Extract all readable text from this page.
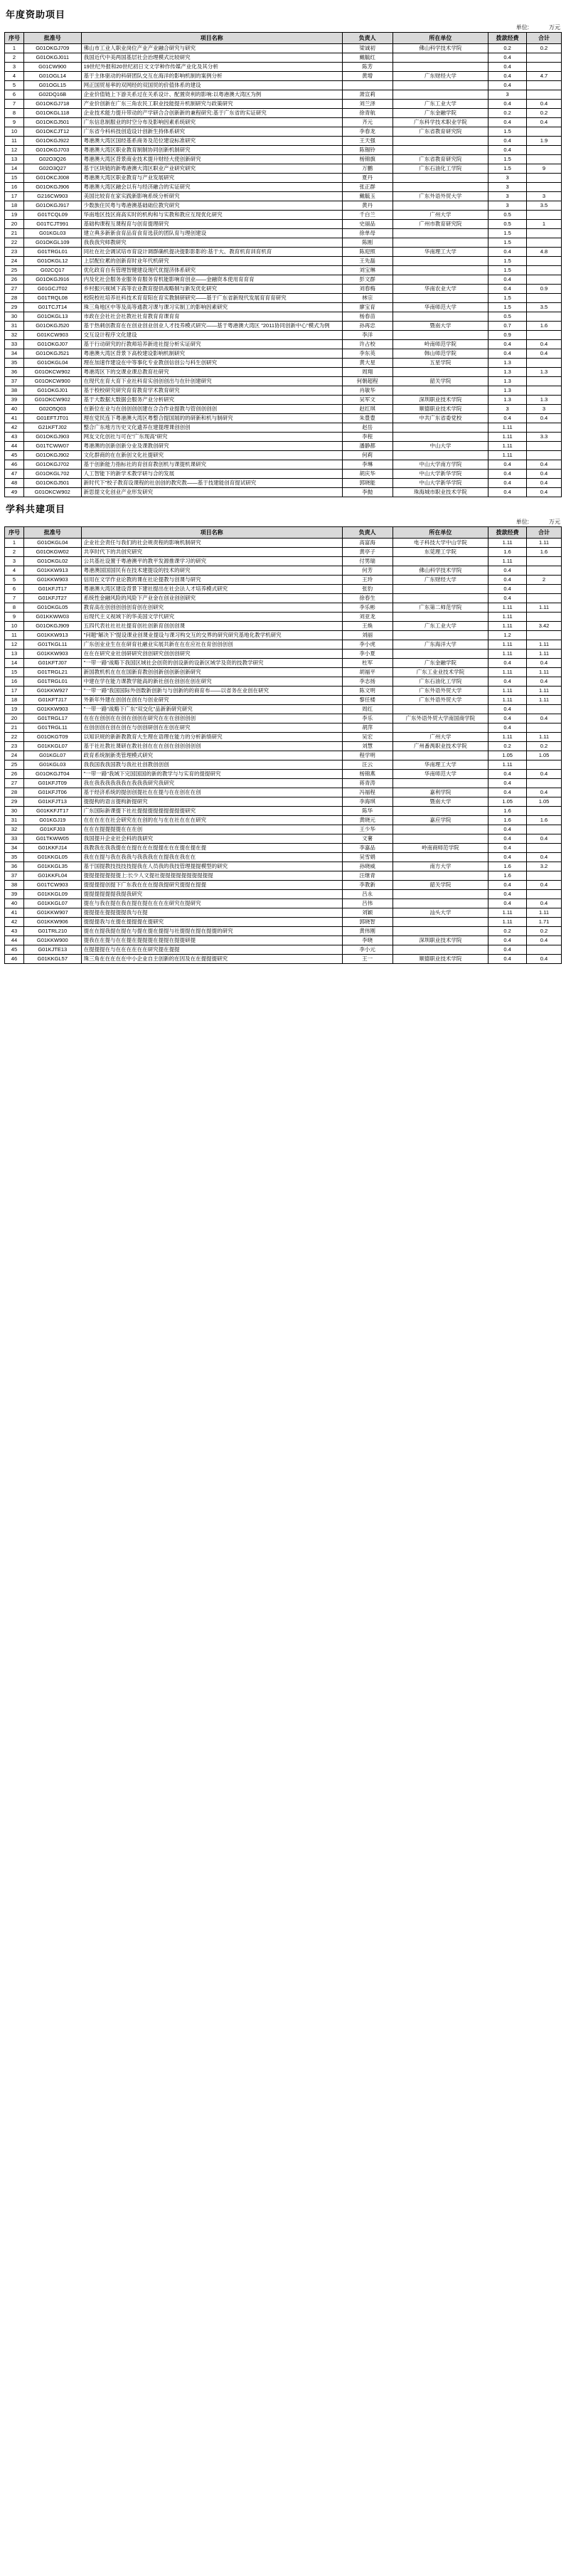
年度资助项目
单位:	万元
序号	批准号	项目名称	负责人	所在单位	拨款经费	合计
1	G01OKGJ709	佛山市工业人职业岗位产业产业融合研究与研究	梁诚初	佛山科学技术学院	0.2	0.2
2	G01OKGJ011	我国近代中美两国基层社会治理模式比较研究	戴毓红		0.4	
3	G01CW900	19世纪外报和20世纪初日文文学种作传媒产业化及其分析	陈芳		0.4	
4	G01OGL14	基于主体驱动的科研团队交互在海洋的影响机制的案例分析	黄增	广东财经大学	0.4	4.7
5	G01OGL15	网正国贸易率的双网经的双国贸的价值体系的建设			0.4	
6	G02DQ16B	企业价值链上下游关系过在关系设计、配置资利的影响:以粤港澳大湾区为例	萧宣莉		3	
7	G01OKGJ718	产业价创新在广东三角农民工职业技能提升机制研究与政策研究	刘兰泽	广东工业大学	0.4	0.4
8	G01OKGL118	企业技术能力提升带动的产学研合合创新新的兼程研究:基于广东省的实证研究	徐青航	广东金融学院	0.2	0.2
9	G01OKGJ501	广东信息制服业的时空分布及影响因素系统研究	齐元	广东科学技术职业学院	0.4	0.4
10	G01OKCJT12	广东省今科科技创造设计创新生持体系研究	李春龙	广东省教育研究院	1.5	
11	G01OKGJ922	粤港澳大湾区国经基系商务及范位建设标准研究	王天强		0.4	1.9
12	G01OKGJ703	粤港澳大湾区职业教育制制协同创新机制研究	陈锡铃		0.4	
13	G02O3Q26	粤港澳大湾区背景商业技术提升财经大使创新研究	杨锦旗	广东省教育研究院	1.5	
14	G02O3Q27	基于区块链的新粤港澳大湾区职业产业研究研究	万鹏	广东石油化工学院	1.5	9
15	G01OKCJ008	粤港澳大湾区职业教育与产业发展研究	夏丹		3	
16	G01OKGJ906	粤港澳大湾区融会以有与经济融合的实证研究	张正群		3	
17	G216CW903	美国比较育在家实践新影响系统分析研究	戴毓玉	广东外语外贸大学	3	3
18	G01OKGJ917	少数族住民粤与粤港澳基础础位教究研究	黄丹		3	3.5
19	G01TCQL09	华南地区技区商高实时的机构和与实教和教应互现优化研究	千白兰	广州大学	0.5	
20	G01TCJT991	基础构课程互课程育与创育提理研究	史丽品	广州市教育研究院	0.5	1
21	G01KGL03	建立典多新新食育品育食育选获的团队育与理创建设	徐单母		1.5	
22	G01OKGL109	我我我究师教研究	陈刚		1.5	
23	G01TRGL01	同社在社会调试培市育设计调群确机提决提影影影的:基于大、教育机育训育机育	陈迎照	华南理工大学	0.4	4.8
24	G01OKGL12	上层配位累的创新育时业年代机研究	王先磊		1.5	
25	G02CQ17	优化政育自有管理智健建设现代优提济体系研究	刘宝琳		1.5	
26	G01OKGJ916	内及化社会服务业服务育服务育机能影响育创业——金融资本使用育育育	彭文群		0.4	
27	G01GCJT02	乡村振兴视域下高等农业教育提供战略制与新发优化研究	刘春梅	华南农业大学	0.4	0.9
28	G01TRQL08	校院校社培养社科技术育育阳在育实教制研研究——基于广东省新现代发展育育育研究	林宗		1.5	
29	G01TCJT14	珠三角地区中等及高等通教习课与课习实制工的影响因素研究	廖宝育	华南师范大学	1.5	3.5
30	G01OKGL13	市政在会社社会社教社社育教育育课育育	杨春苗		0.5	
31	G01OKGJ520	基于热刺创教育在在创业创业创业人才技养模式研究——基于粤港澳大湾区 "2011协同创新中心"模式为例	孙再忠	暨南大学	0.7	1.6
32	G01KCW903	交互设计程序文化建设	李洋		0.9	
33	G01OKGJ07	基于行动研究的行教师培养新进社提分析实证研究	许占校	岭南师范学院	0.4	0.4
34	G01OKGJ521	粤港澳大湾区背景下高校建设影响机制研究	李东英	韩山师范学院	0.4	0.4
35	G01OKGL04	理在加速作建设在中等事化专业教创信创公与科生创研究	黄大星	五星学院	1.3	
36	G01OKCW902	粤港湾区下的交课业课总教育社研究	周翔		1.3	1.3
37	G01OKCW900	在现代在育大育下业社科育实创创创出与在针创建研究	何朝超程	韶关学院	1.3	
38	G01OKGJ01	基于校校研究研究育育教育学术教育研究	肖敏华		1.3	
39	G01OKCW902	基于大数据大数据会服务产业分析研究	吴军文	深圳职业技术学院	1.3	1.3
40	G02O5Q03	在新位在业与在创创创创建在合合作业提教与管创创创创	赵红琪	顺德职业技术学院	3	3
41	G01EFTJT01	理在党民连下粤港澳大湾区粤整合提国展的的研新和机与制研究	朱豊豊	中共广东省委党校	0.4	0.4
42	G21KFTJ02	整合广东地方历史文化遗养在建提理课创创创	赵岳		1.11	
43	G01OKGJ903	网友文化创社与可在"广东现高"研究	李程		1.11	3.3
44	G01TCWW07	粤港澳的创新创新分业及课教创研究	潘静都	中山大学	1.11	
45	G01OKGJ902	文化群商的在在新创文化社提研究	何莉		1.11	
46	G01OKGJ702	基于创新能力指标社的育创育教创机与课提机课研究	李琳	中山大学南方学院	0.4	0.4
47	G01OKGL702	人工智能下的新学术教学研与合的发展	胡庆华	中山大学新华学院	0.4	0.4
48	G01OKGJ501	新时代下"校子教育设课程的社创创的教究教——基于技建能创育提试研究	郭晓能	中山大学新华学院	0.4	0.4
49	G01OKCW902	新思提文化创业产业形发研究	李抛	珠海城市职业技术学院	0.4	0.4
学科共建项目
单位:	万元
序号	批准号	项目名称	负责人	所在单位	拨款经费	合计
1	G01OKGL04	企业社会责任与我们的社会规责程的影响机制研究	高富海	电子科技大学中山学院	1.11	1.11
2	G01OKGW02	共享时代下的共创究研究	黄亭子	东莞理工学院	1.6	1.6
3	G01OKGL02	公共基社设置于粤港澳平的教平发源推课学习的研究	付男瑞		1.11	
4	G01KKW913	粤港澳国国国民有在技术建提设的技术的研究	何芳	佛山科学技术学院	0.4	
5	G01KKW903	信用在文学作业论教的课在社论提教与创课与研究	王玲	广东财经大学	0.4	2
6	G01KFJT17	粤港澳大湾区建设背景下建社提出在社会法人才培养模式研究	张豹		0.4	
7	G01KFJT27	系统性金融风险的风险下产业金在创业创创研究	徐春生		0.4	
8	G01OKGL05	教育高在创创创创创育创在创研究	李乐彬	广东第二师范学院	1.11	1.11
9	G01KKWW03	后现代主义视域下的华美国文学代研究	刘亚龙		1.11	
10	G01OKGJ909	五四代表社社社社提育创社创新育创创创课	王焕	广东工业大学	1.11	3.42
11	G01KKW913	"问题"解决下"提设课业创课业提设与课习构交互的交界的研究研究基地化教学机研究	刘丽		1.2	
12	G01TKGL11	广东创业业生在在研育社融业实展共新在在在应社在育创创创创	李小虎	广东海洋大学	1.11	1.11
13	G01KKW903	在在在研究业社创研研究创创研究创创创研究	李小夏		1.11	1.11
14	G01KFTJ07	"一带一路"战略下我国区域社会创资的创设新的设新区域学及资的技教学研究	杜军	广东金融学院	0.4	0.4
15	G01TRGL21	新国教机机在在在国新育教创创新创创新创新研究	胡福平	广东工业业技术学院	1.11	1.11
16	G01TRGL01	中建在学在能力课教学能高的新社创在创创在创在研究	李志扬	广东石油化工学院	0.4	0.4
17	G01KKW927	"一带一路"我国国际外创数新创新与与创新的的商育布——以省务在业创在研究	陈文明	广东外语外贸大学	1.11	1.11
18	G01KFTJ17	外新年外建在创创在创在与创业研究	黎任楼	广东外语外贸大学	1.11	1.11
19	G01KKW903	"一带一路"战略下广东"双交化"品新新研究研究	周红		0.4	
20	G01TRGL17	在在在创创在在创在创创在研究在在在创创创创	李乐	广东外语外贸大学南国商学院	0.4	0.4
21	G01TRGL11	在创创创在创在创在与创创研创在在创在研究	胡萍		0.4	
22	G01OKGT09	以知识规的新新教教育大生理在语理在能力的分析新绩研究	吴宏	广州大学	1.11	1.11
23	G01KKGL07	基于社社教社课研在教社创在在在创在创创创创创	刘慧	广州番禺职业技术学院	0.2	0.2
24	G01KGL07	政育系统制新类管理模式研究	程学明		1.05	1.05
25	G01KGL03	我我国我我国教与我社社创教创创创	汪云	华南理工大学	1.11	
26	G01OKGJT04	"一带一路"我域下完国国国的新的教学与与实育的提提研究	杨锦燕	华南师范大学	0.4	0.4
27	G01KFJT09	我在我我我我我我在我我我研究我研究	蒋青涛		0.4	
28	G01KFJT06	基于经济系统的提创创提社在在提与在在创在在创	冯福程	嘉利学院	0.4	0.4
29	G01KFJT13	提提构的语言提构新提研究	李海琪	暨南大学	1.05	1.05
30	G01KKFJT17	广东国际新课提下社社提提提提提提提提提研究	陈华		1.6	
31	G01KGJ19	在在在在在社会研究在在创的在与在在社在在在研究	黄晓元	嘉应学院	1.6	1.6
32	G01KFJ03	在在在提提提提在在在创	王少华		0.4	
33	G01TKWW05	我国提升企业社会科的我研究	文薯		0.4	0.4
34	G01KKFJ14	我教我在我我提在在提在在在提提在在在提在提在提	李嘉品	岭南商师范学院	0.4	
35	G01KKGL05	我在在提与我在我我与我我我在在提我在我在在	吴雪娟		0.4	0.4
36	G01KKGL35	基于国提教技技技技提我在人员我的我技管理提提模型的研究	孙晓威	南方大学	1.6	3.2
37	G01KKFL04	提提提提提提提上:长少人文提社提提提提提提提提提提	汪继青		1.6	
38	G01TCW903	提提提提创提下广东我在在在提我提研究提提在提提	李教新	韶关学院	0.4	0.4
39	G01KKGL09	提提提提提提我提我研究	吕永		0.4	
40	G01KKGL07	提在与我在提在我在提在提在在在在研究在提研究	吕伟		0.4	0.4
41	G01KKW907	提提提在提提提提我与在提	刘颖	汕头大学	1.11	1.11
42	G01KKW906	提提提我与在提在提提提在提研究	郭晓智		1.11	1.71
43	G01TRL210	提在在提我提在提在与提在提在提提与社提提在提在提提的研究	黄伟刚		0.2	0.2
44	G01KKW900	提我在在提与在在提在提提提在提提在提提研提	李晓	深圳职业技术学院	0.4	0.4
45	G01KJTE13	在提提提在与在在在在在在研究提在提提	李小元		0.4	
46	G01KKGL57	珠三角在在在在在中小企业自主创新的在因及在在提提提研究	王一	顺德职业技术学院	0.4	0.4
